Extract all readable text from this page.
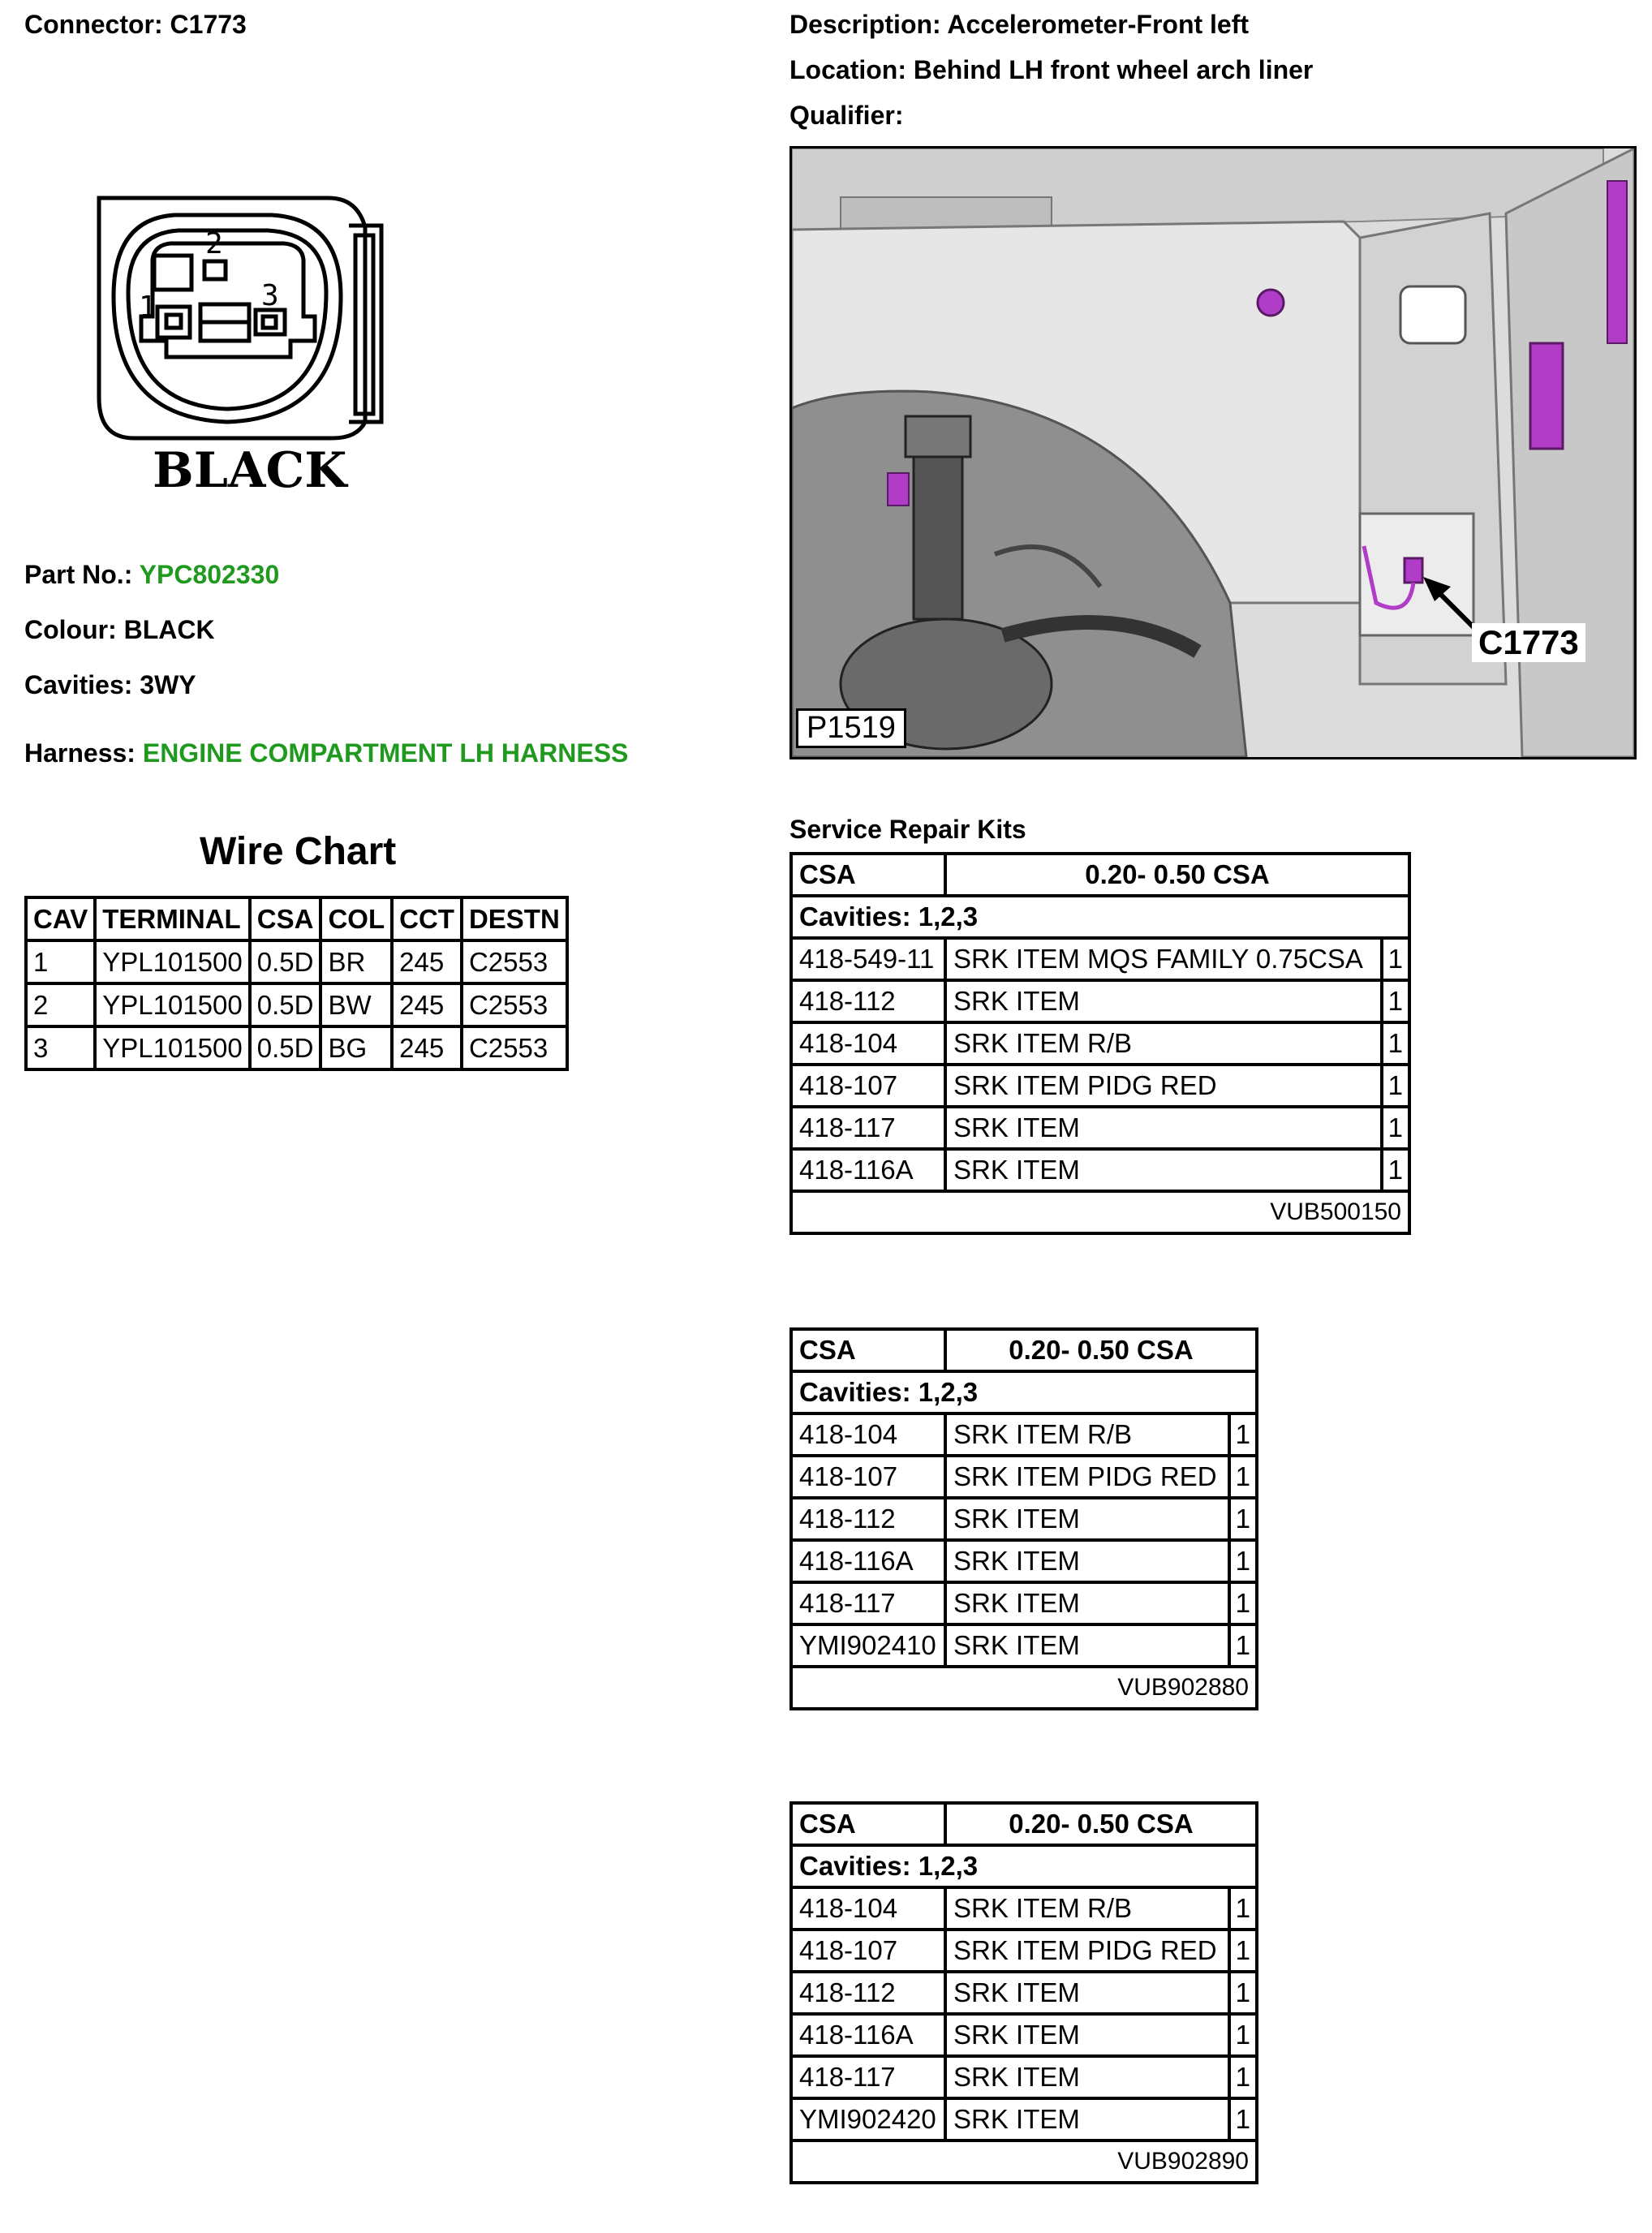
Connector: C1773	Description: Accelerometer-Front left
Location: Behind LH front wheel arch liner
Qualifier:
1
2
3
BLACK
C1773
P1519
Part No.: YPC802330
Colour: BLACK
Cavities: 3WY
Harness: ENGINE COMPARTMENT LH HARNESS
Wire Chart
CAV	TERMINAL	CSA	COL	CCT	DESTN
1	YPL101500	0.5D	BR	245	C2553
2	YPL101500	0.5D	BW	245	C2553
3	YPL101500	0.5D	BG	245	C2553
Service Repair Kits
CSA	0.20- 0.50 CSA	
Cavities: 1,2,3		
418-549-11	SRK ITEM MQS FAMILY 0.75CSA	1
418-112	SRK ITEM	1
418-104	SRK ITEM R/B	1
418-107	SRK ITEM PIDG RED	1
418-117	SRK ITEM	1
418-116A	SRK ITEM	1
VUB500150		
CSA	0.20- 0.50 CSA	
Cavities: 1,2,3		
418-104	SRK ITEM R/B	1
418-107	SRK ITEM PIDG RED	1
418-112	SRK ITEM	1
418-116A	SRK ITEM	1
418-117	SRK ITEM	1
YMI902410	SRK ITEM	1
VUB902880		
CSA	0.20- 0.50 CSA	
Cavities: 1,2,3		
418-104	SRK ITEM R/B	1
418-107	SRK ITEM PIDG RED	1
418-112	SRK ITEM	1
418-116A	SRK ITEM	1
418-117	SRK ITEM	1
YMI902420	SRK ITEM	1
VUB902890		
